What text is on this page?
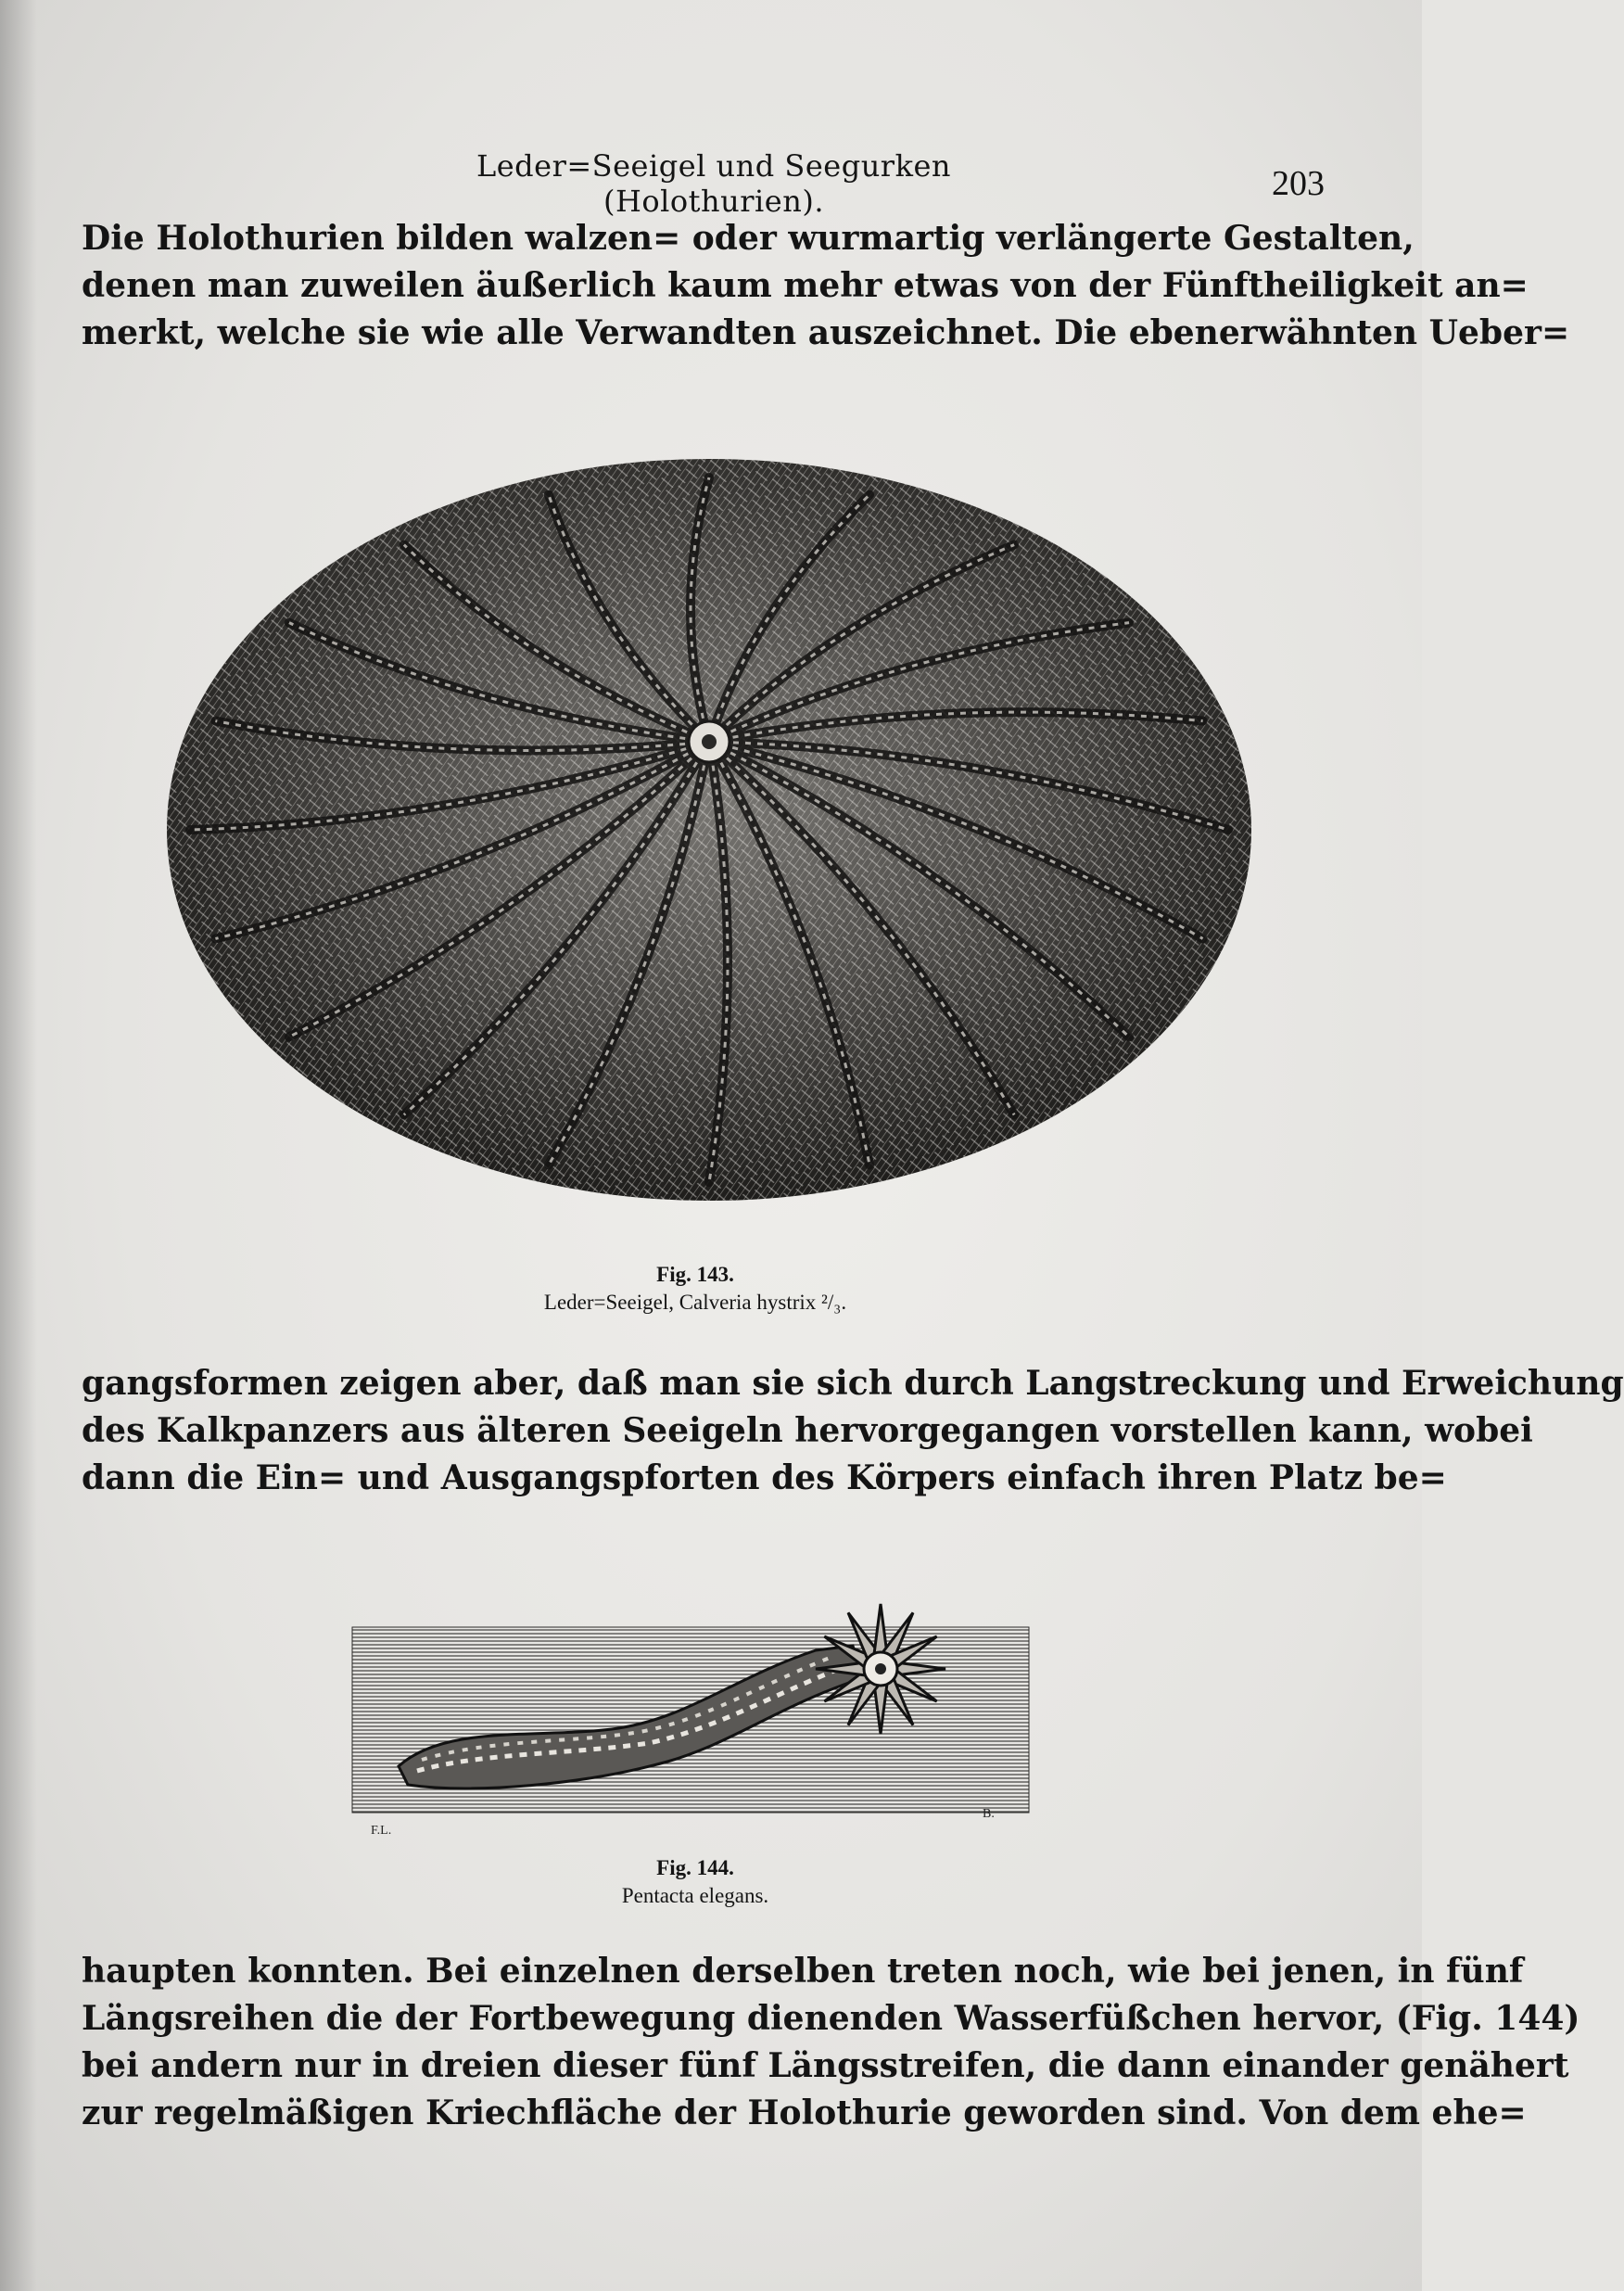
Leder=Seeigel und Seegurken (Holothurien).	203
Die Holothurien bilden walzen= oder wurmartig verlängerte Gestalten,
denen man zuweilen äußerlich kaum mehr etwas von der Fünftheiligkeit an=
merkt, welche sie wie alle Verwandten auszeichnet. Die ebenerwähnten Ueber=
Fig. 143.
Leder=Seeigel, Calveria hystrix ²/₃.
gangsformen zeigen aber, daß man sie sich durch Langstreckung und Erweichung
des Kalkpanzers aus älteren Seeigeln hervorgegangen vorstellen kann, wobei
dann die Ein= und Ausgangspforten des Körpers einfach ihren Platz be=
F.L.
B.
Fig. 144.
Pentacta elegans.
haupten konnten. Bei einzelnen derselben treten noch, wie bei jenen, in fünf
Längsreihen die der Fortbewegung dienenden Wasserfüßchen hervor, (Fig. 144)
bei andern nur in dreien dieser fünf Längsstreifen, die dann einander genähert
zur regelmäßigen Kriechfläche der Holothurie geworden sind. Von dem ehe=
